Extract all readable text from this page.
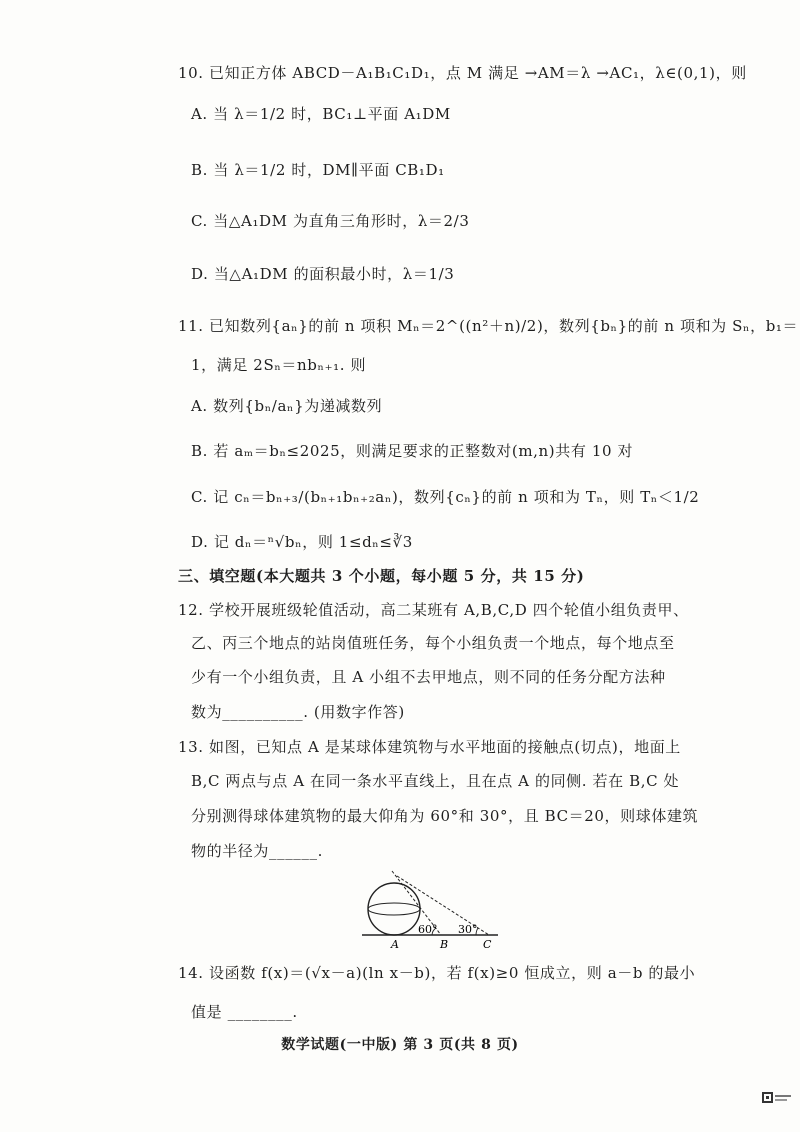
10. 已知正方体 ABCD－A₁B₁C₁D₁，点 M 满足 →AM＝λ →AC₁，λ∈(0,1)，则
A. 当 λ＝1/2 时，BC₁⊥平面 A₁DM
B. 当 λ＝1/2 时，DM∥平面 CB₁D₁
C. 当△A₁DM 为直角三角形时，λ＝2/3
D. 当△A₁DM 的面积最小时，λ＝1/3
11. 已知数列{aₙ}的前 n 项积 Mₙ＝2^((n²＋n)/2)，数列{bₙ}的前 n 项和为 Sₙ，b₁＝
1，满足 2Sₙ＝nbₙ₊₁. 则
A. 数列{bₙ/aₙ}为递减数列
B. 若 aₘ＝bₙ≤2025，则满足要求的正整数对(m,n)共有 10 对
C. 记 cₙ＝bₙ₊₃/(bₙ₊₁bₙ₊₂aₙ)，数列{cₙ}的前 n 项和为 Tₙ，则 Tₙ＜1/2
D. 记 dₙ＝ⁿ√bₙ，则 1≤dₙ≤∛3
三、填空题(本大题共 3 个小题，每小题 5 分，共 15 分)
12. 学校开展班级轮值活动，高二某班有 A,B,C,D 四个轮值小组负责甲、
乙、丙三个地点的站岗值班任务，每个小组负责一个地点，每个地点至
少有一个小组负责，且 A 小组不去甲地点，则不同的任务分配方法种
数为__________. (用数字作答)
13. 如图，已知点 A 是某球体建筑物与水平地面的接触点(切点)，地面上
B,C 两点与点 A 在同一条水平直线上，且在点 A 的同侧. 若在 B,C 处
分别测得球体建筑物的最大仰角为 60°和 30°，且 BC＝20，则球体建筑
物的半径为______.
60° 30°
A	B	C
14. 设函数 f(x)＝(√x－a)(ln x－b)，若 f(x)≥0 恒成立，则 a－b 的最小
值是 ________.
数学试题(一中版) 第 3 页(共 8 页)
